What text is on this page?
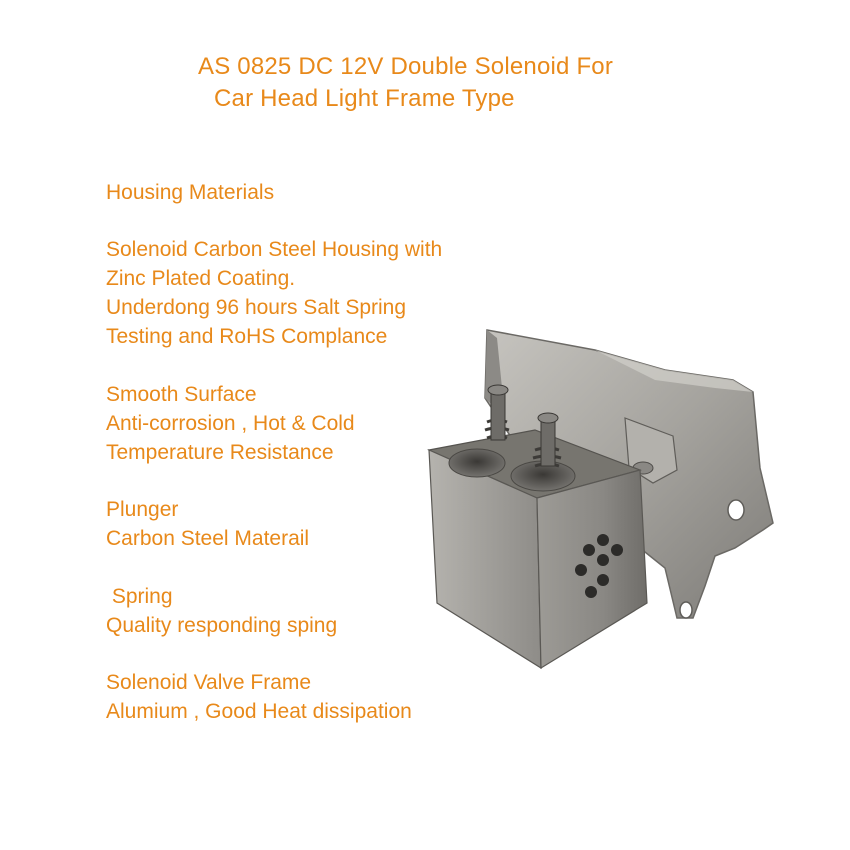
AS 0825 DC 12V Double Solenoid For
Car Head Light Frame Type
Housing Materials
Solenoid Carbon Steel Housing with
Zinc Plated Coating.
Underdong 96 hours Salt Spring
Testing and RoHS Complance
Smooth Surface
Anti-corrosion , Hot & Cold
Temperature Resistance
Plunger
Carbon Steel Materail
Spring
Quality responding sping
Solenoid Valve Frame
Alumium , Good Heat dissipation
